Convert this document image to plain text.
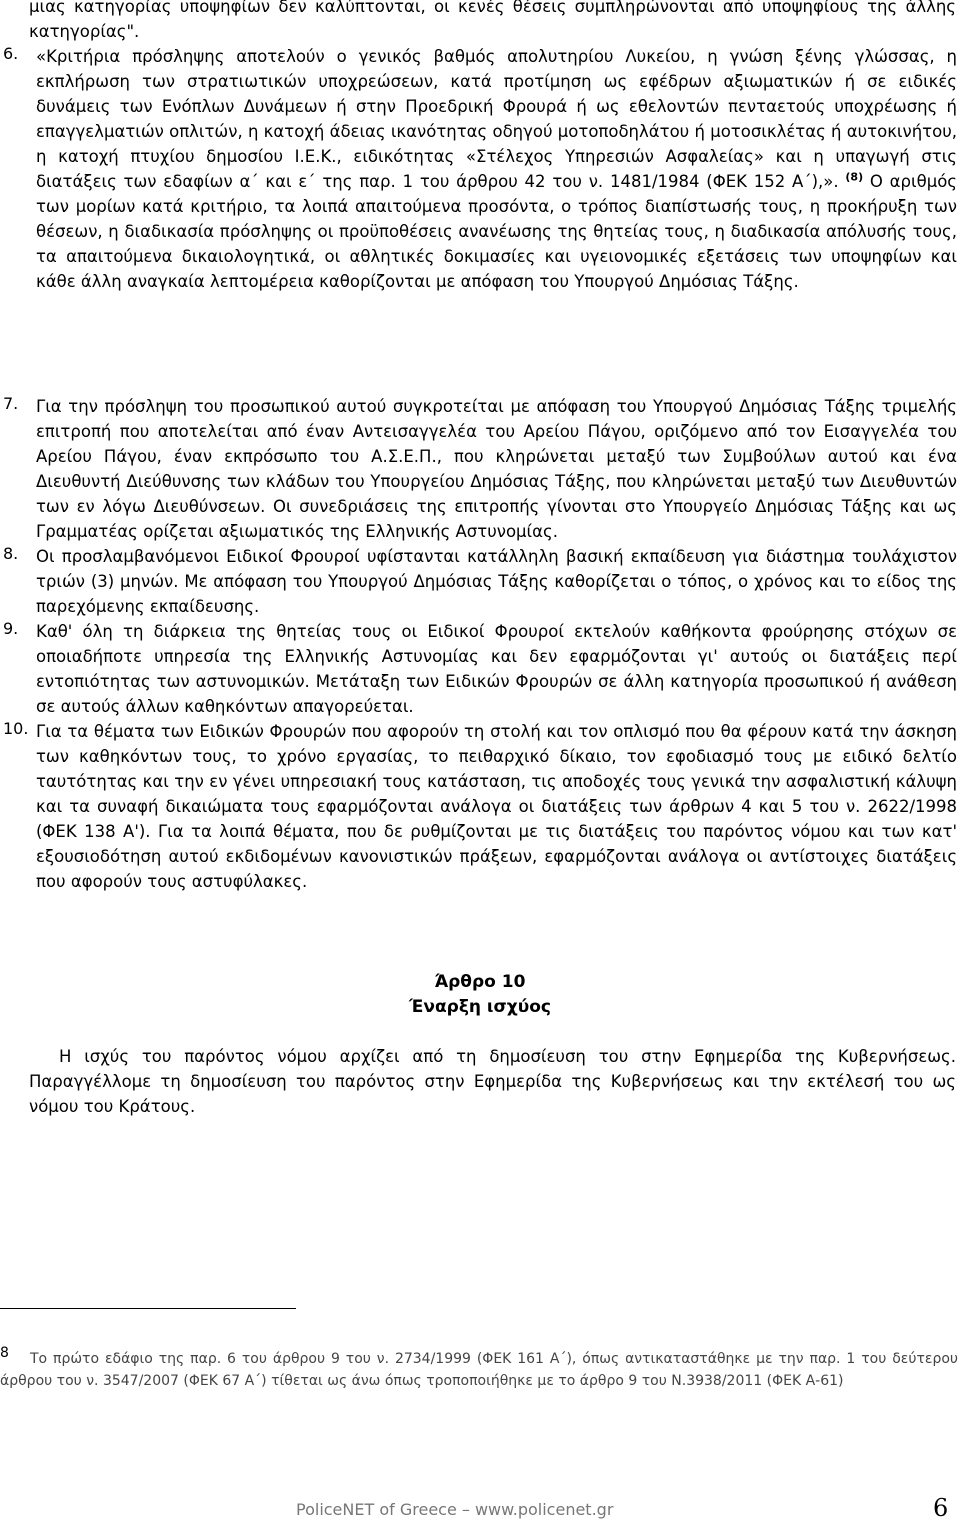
μιας κατηγορίας υποψηφίων δεν καλύπτονται, οι κενές θέσεις συμπληρώνονται από υποψηφίους της άλλης κατηγορίας".
6. «Κριτήρια πρόσληψης αποτελούν ο γενικός βαθμός απολυτηρίου Λυκείου, η γνώση ξένης γλώσσας, η εκπλήρωση των στρατιωτικών υποχρεώσεων, κατά προτίμηση ως εφέδρων αξιωματικών ή σε ειδικές δυνάμεις των Ενόπλων Δυνάμεων ή στην Προεδρική Φρουρά ή ως εθελοντών πενταετούς υποχρέωσης ή επαγγελματιών οπλιτών, η κατοχή άδειας ικανότητας οδηγού μοτοποδηλάτου ή μοτοσικλέτας ή αυτοκινήτου, η κατοχή πτυχίου δημοσίου Ι.Ε.Κ., ειδικότητας «Στέλεχος Υπηρεσιών Ασφαλείας» και η υπαγωγή στις διατάξεις των εδαφίων α΄ και ε΄ της παρ. 1 του άρθρου 42 του ν. 1481/1984 (ΦΕΚ 152 Α΄),». $^{(8)}$ Ο αριθμός των μορίων κατά κριτήριο, τα λοιπά απαιτούμενα προσόντα, ο τρόπος διαπίστωσής τους, η προκήρυξη των θέσεων, η διαδικασία πρόσληψης οι προϋποθέσεις ανανέωσης της θητείας τους, η διαδικασία απόλυσής τους, τα απαιτούμενα δικαιολογητικά, οι αθλητικές δοκιμασίες και υγειονομικές εξετάσεις των υποψηφίων και κάθε άλλη αναγκαία λεπτομέρεια καθορίζονται με απόφαση του Υπουργού Δημόσιας Τάξης.
7. Για την πρόσληψη του προσωπικού αυτού συγκροτείται με απόφαση του Υπουργού Δημόσιας Τάξης τριμελής επιτροπή που αποτελείται από έναν Αντεισαγγελέα του Αρείου Πάγου, οριζόμενο από τον Εισαγγελέα του Αρείου Πάγου, έναν εκπρόσωπο του Α.Σ.Ε.Π., που κληρώνεται μεταξύ των Συμβούλων αυτού και ένα Διευθυντή Διεύθυνσης των κλάδων του Υπουργείου Δημόσιας Τάξης, που κληρώνεται μεταξύ των Διευθυντών των εν λόγω Διευθύνσεων. Οι συνεδριάσεις της επιτροπής γίνονται στο Υπουργείο Δημόσιας Τάξης και ως Γραμματέας ορίζεται αξιωματικός της Ελληνικής Αστυνομίας.
8. Οι προσλαμβανόμενοι Ειδικοί Φρουροί υφίστανται κατάλληλη βασική εκπαίδευση για διάστημα τουλάχιστον τριών (3) μηνών. Με απόφαση του Υπουργού Δημόσιας Τάξης καθορίζεται ο τόπος, ο χρόνος και το είδος της παρεχόμενης εκπαίδευσης.
9. Καθ' όλη τη διάρκεια της θητείας τους οι Ειδικοί Φρουροί εκτελούν καθήκοντα φρούρησης στόχων σε οποιαδήποτε υπηρεσία της Ελληνικής Αστυνομίας και δεν εφαρμόζονται γι' αυτούς οι διατάξεις περί εντοπιότητας των αστυνομικών. Μετάταξη των Ειδικών Φρουρών σε άλλη κατηγορία προσωπικού ή ανάθεση σε αυτούς άλλων καθηκόντων απαγορεύεται.
10. Για τα θέματα των Ειδικών Φρουρών που αφορούν τη στολή και τον οπλισμό που θα φέρουν κατά την άσκηση των καθηκόντων τους, το χρόνο εργασίας, το πειθαρχικό δίκαιο, τον εφοδιασμό τους με ειδικό δελτίο ταυτότητας και την εν γένει υπηρεσιακή τους κατάσταση, τις αποδοχές τους γενικά την ασφαλιστική κάλυψη και τα συναφή δικαιώματα τους εφαρμόζονται ανάλογα οι διατάξεις των άρθρων 4 και 5 του ν. 2622/1998 (ΦΕΚ 138 Α'). Για τα λοιπά θέματα, που δε ρυθμίζονται με τις διατάξεις του παρόντος νόμου και των κατ' εξουσιοδότηση αυτού εκδιδομένων κανονιστικών πράξεων, εφαρμόζονται ανάλογα οι αντίστοιχες διατάξεις που αφορούν τους αστυφύλακες.
Άρθρο 10
Έναρξη ισχύος
Η ισχύς του παρόντος νόμου αρχίζει από τη δημοσίευση του στην Εφημερίδα της Κυβερνήσεως. Παραγγέλλομε τη δημοσίευση του παρόντος στην Εφημερίδα της Κυβερνήσεως και την εκτέλεσή του ως νόμου του Κράτους.
8	Το πρώτο εδάφιο της παρ. 6 του άρθρου 9 του ν. 2734/1999 (ΦΕΚ 161 Α΄), όπως αντικαταστάθηκε με την παρ. 1 του δεύτερου άρθρου του ν. 3547/2007 (ΦΕΚ 67 Α΄) τίθεται ως άνω όπως τροποποιήθηκε με το άρθρο 9 του Ν.3938/2011 (ΦΕΚ Α-61)
PoliceNET of Greece – www.policenet.gr	6
